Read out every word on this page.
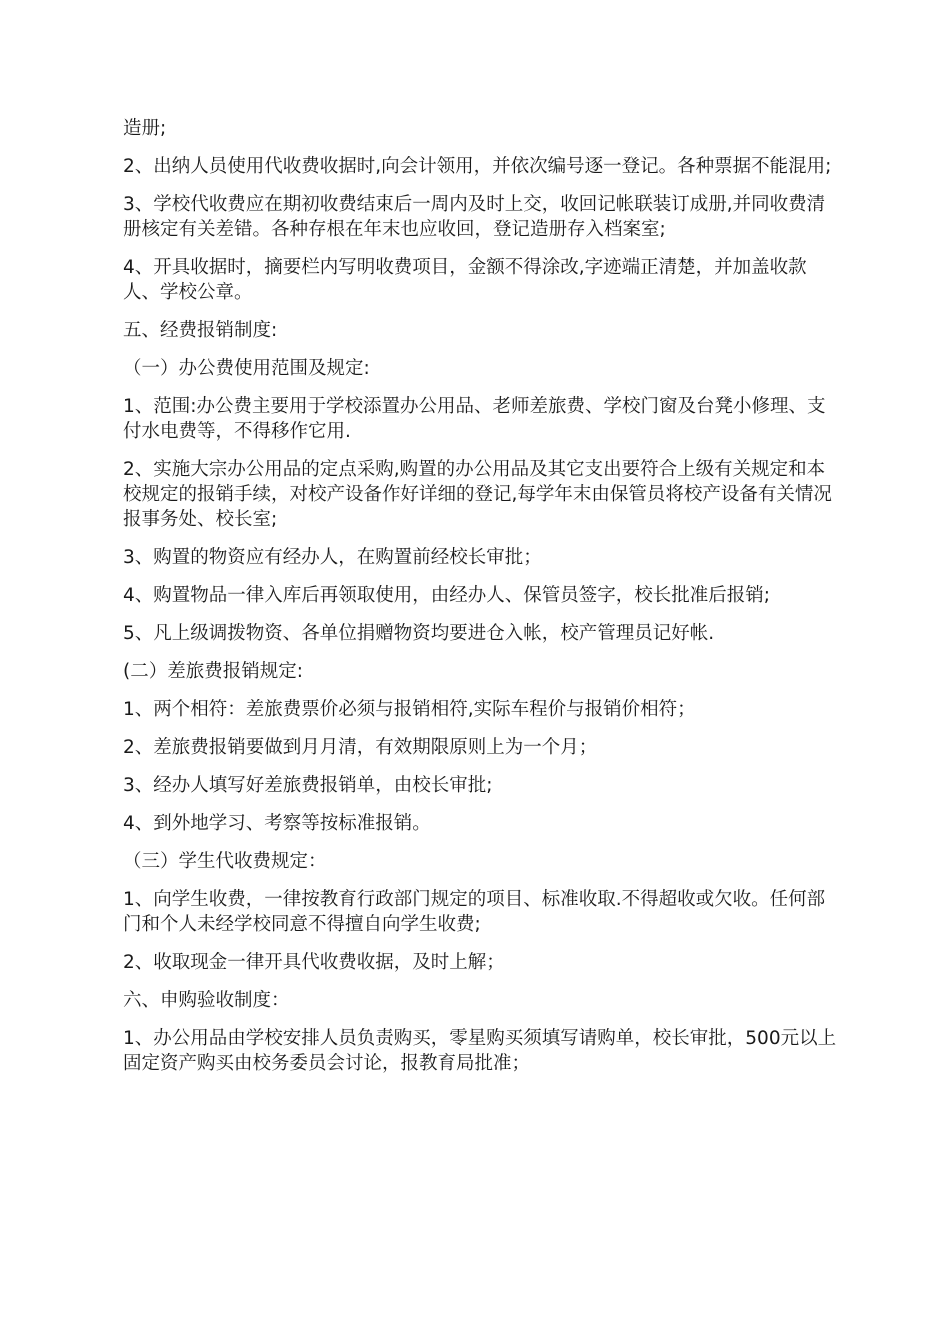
造册;

2、出纳人员使用代收费收据时,向会计领用，并依次编号逐一登记。各种票据不能混用;

3、学校代收费应在期初收费结束后一周内及时上交，收回记帐联装订成册,并同收费清册核定有关差错。各种存根在年末也应收回，登记造册存入档案室;

4、开具收据时，摘要栏内写明收费项目，金额不得涂改,字迹端正清楚，并加盖收款人、学校公章。

五、经费报销制度:

（一）办公费使用范围及规定:

1、范围:办公费主要用于学校添置办公用品、老师差旅费、学校门窗及台凳小修理、支付水电费等，不得移作它用.

2、实施大宗办公用品的定点采购,购置的办公用品及其它支出要符合上级有关规定和本校规定的报销手续，对校产设备作好详细的登记,每学年末由保管员将校产设备有关情况报事务处、校长室;

3、购置的物资应有经办人，在购置前经校长审批；

4、购置物品一律入库后再领取使用，由经办人、保管员签字，校长批准后报销;

5、凡上级调拨物资、各单位捐赠物资均要进仓入帐，校产管理员记好帐.

(二）差旅费报销规定:

1、两个相符：差旅费票价必须与报销相符,实际车程价与报销价相符；

2、差旅费报销要做到月月清，有效期限原则上为一个月；

3、经办人填写好差旅费报销单，由校长审批;

4、到外地学习、考察等按标准报销。

（三）学生代收费规定：

1、向学生收费，一律按教育行政部门规定的项目、标准收取.不得超收或欠收。任何部门和个人未经学校同意不得擅自向学生收费;

2、收取现金一律开具代收费收据，及时上解；

六、申购验收制度：

1、办公用品由学校安排人员负责购买，零星购买须填写请购单，校长审批，500元以上固定资产购买由校务委员会讨论，报教育局批准；
